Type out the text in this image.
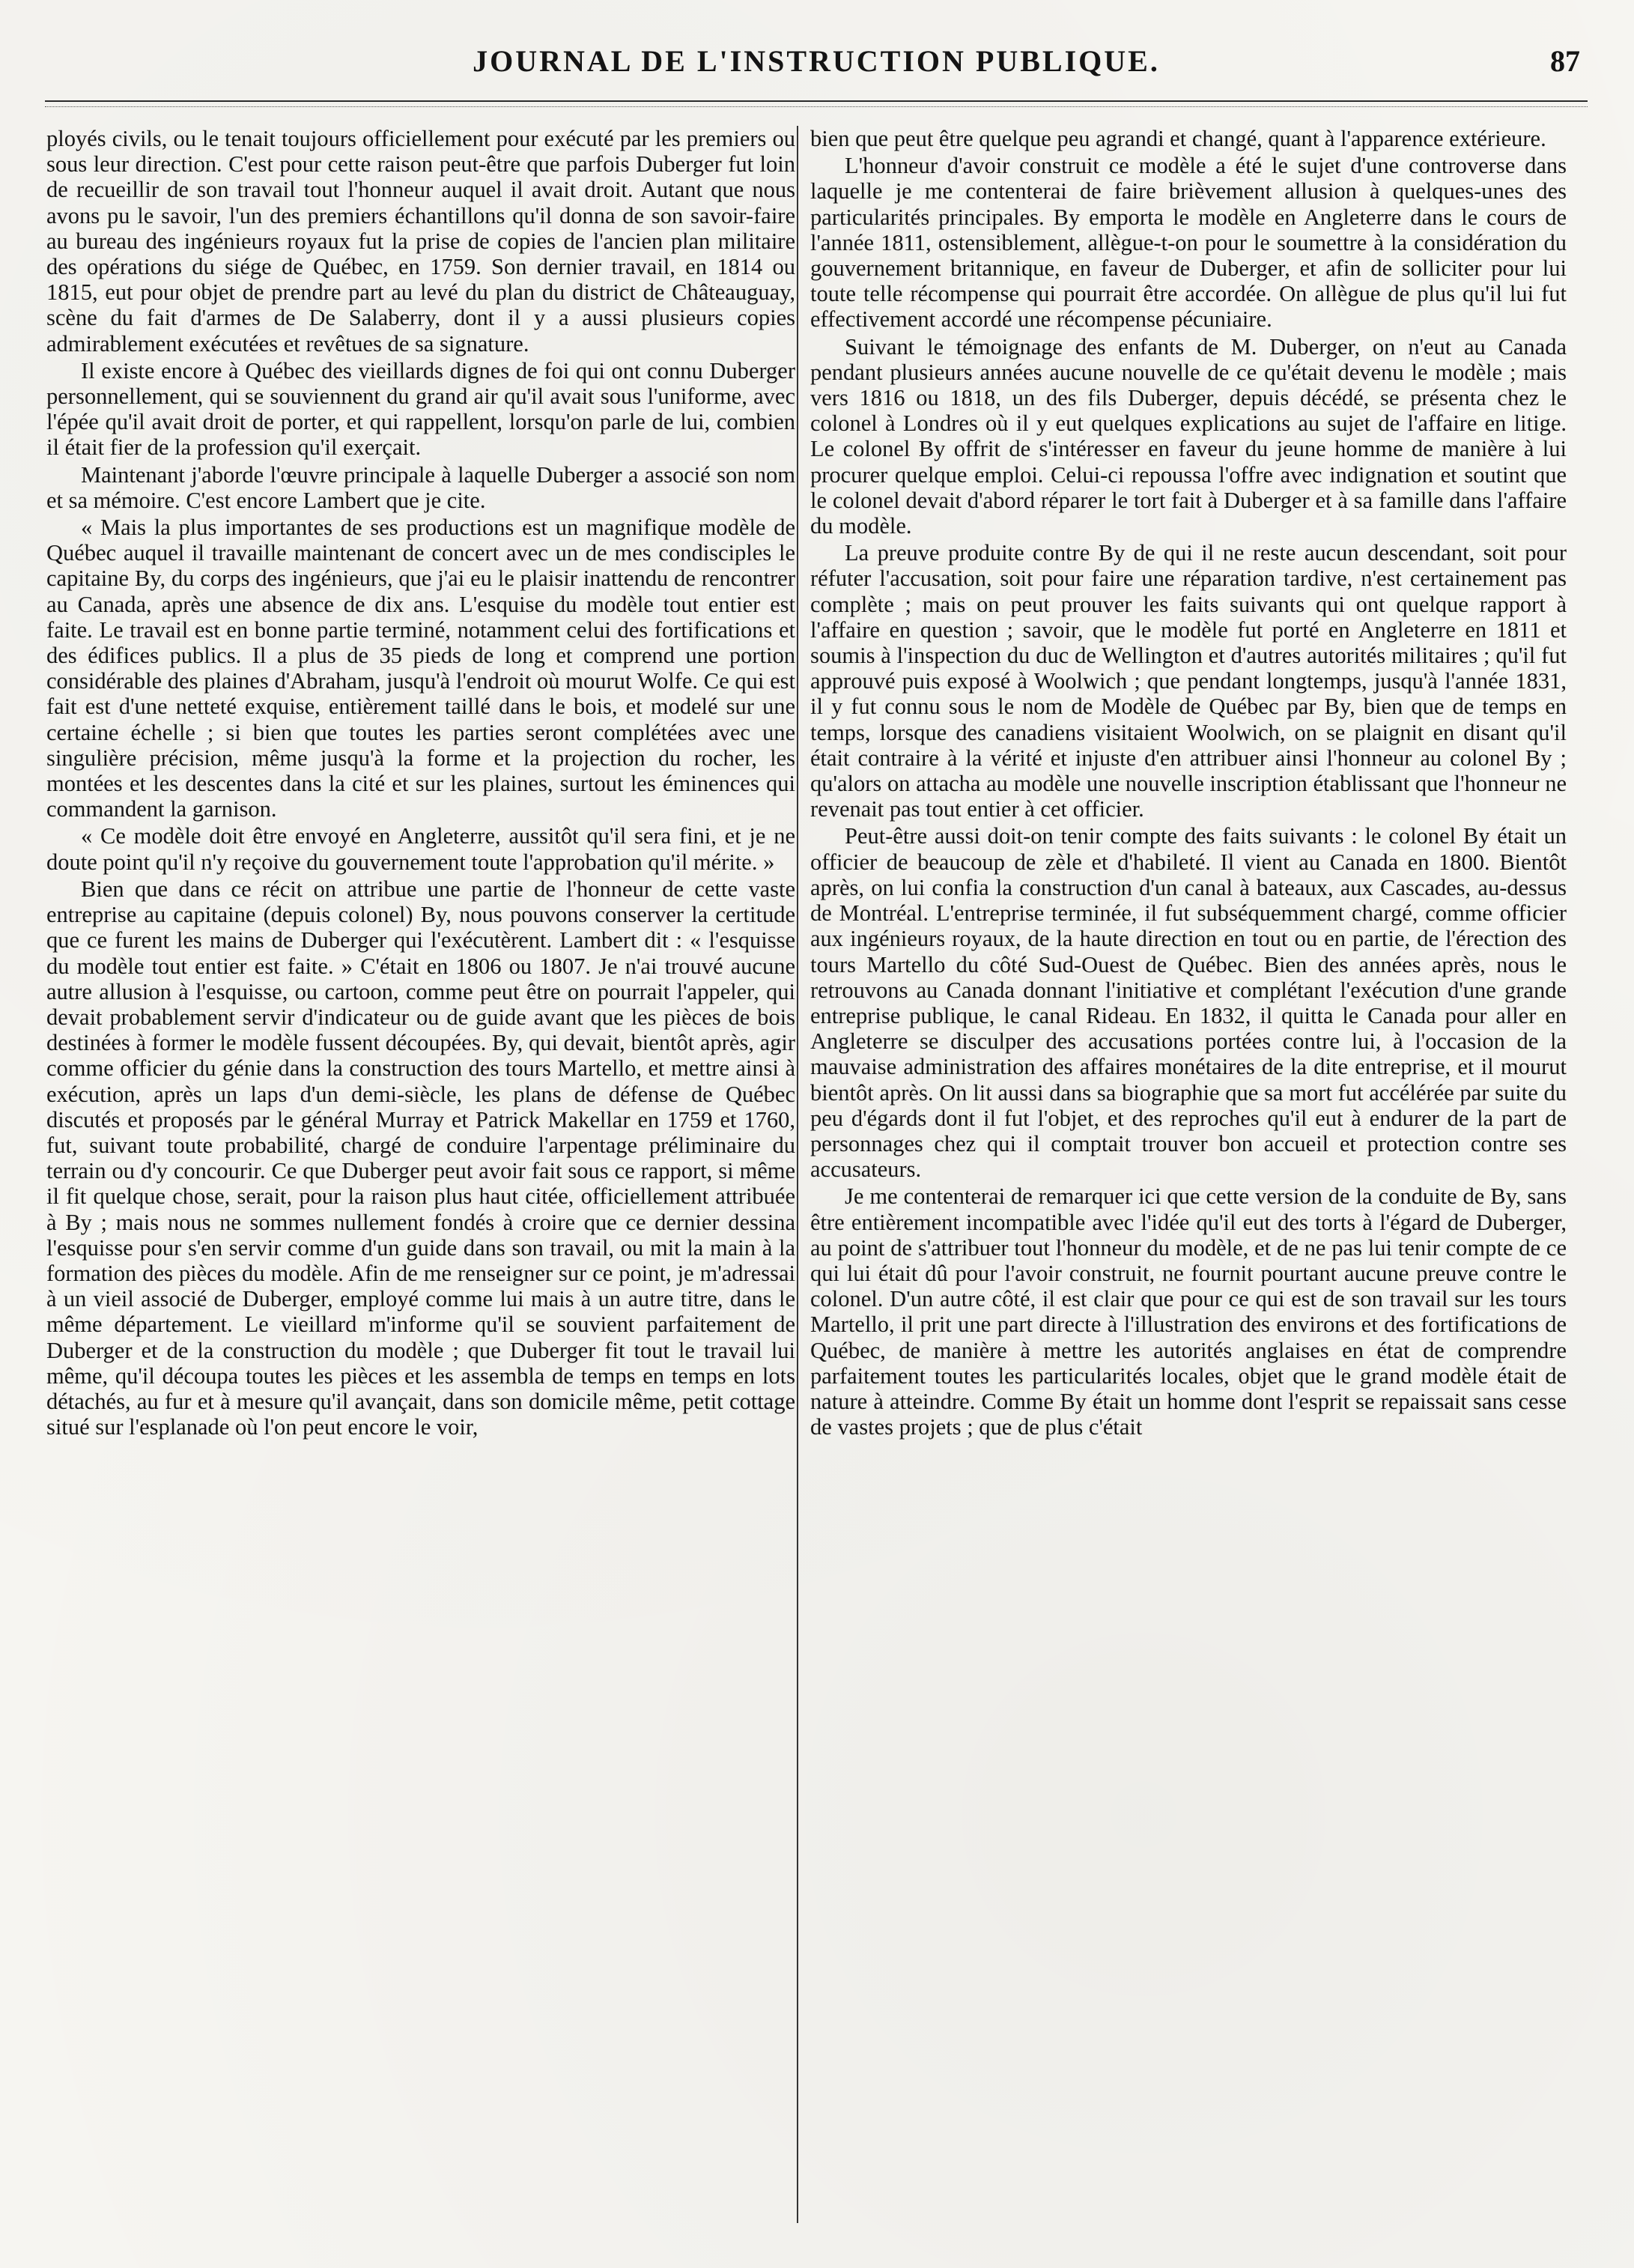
JOURNAL DE L'INSTRUCTION PUBLIQUE.	87

ployés civils, ou le tenait toujours officiellement pour exécuté par les premiers ou sous leur direction. C'est pour cette raison peut-être que parfois Duberger fut loin de recueillir de son travail tout l'honneur auquel il avait droit. Autant que nous avons pu le savoir, l'un des premiers échantillons qu'il donna de son savoir-faire au bureau des ingénieurs royaux fut la prise de copies de l'ancien plan militaire des opérations du siége de Québec, en 1759. Son dernier travail, en 1814 ou 1815, eut pour objet de prendre part au levé du plan du district de Châteauguay, scène du fait d'armes de De Salaberry, dont il y a aussi plusieurs copies admirablement exécutées et revêtues de sa signature.

Il existe encore à Québec des vieillards dignes de foi qui ont connu Duberger personnellement, qui se souviennent du grand air qu'il avait sous l'uniforme, avec l'épée qu'il avait droit de porter, et qui rappellent, lorsqu'on parle de lui, combien il était fier de la profession qu'il exerçait.

Maintenant j'aborde l'œuvre principale à laquelle Duberger a associé son nom et sa mémoire. C'est encore Lambert que je cite.

« Mais la plus importantes de ses productions est un magnifique modèle de Québec auquel il travaille maintenant de concert avec un de mes condisciples le capitaine By, du corps des ingénieurs, que j'ai eu le plaisir inattendu de rencontrer au Canada, après une absence de dix ans. L'esquise du modèle tout entier est faite. Le travail est en bonne partie terminé, notamment celui des fortifications et des édifices publics. Il a plus de 35 pieds de long et comprend une portion considérable des plaines d'Abraham, jusqu'à l'endroit où mourut Wolfe. Ce qui est fait est d'une netteté exquise, entièrement taillé dans le bois, et modelé sur une certaine échelle ; si bien que toutes les parties seront complétées avec une singulière précision, même jusqu'à la forme et la projection du rocher, les montées et les descentes dans la cité et sur les plaines, surtout les éminences qui commandent la garnison.

« Ce modèle doit être envoyé en Angleterre, aussitôt qu'il sera fini, et je ne doute point qu'il n'y reçoive du gouvernement toute l'approbation qu'il mérite. »

Bien que dans ce récit on attribue une partie de l'honneur de cette vaste entreprise au capitaine (depuis colonel) By, nous pouvons conserver la certitude que ce furent les mains de Duberger qui l'exécutèrent. Lambert dit : « l'esquisse du modèle tout entier est faite. » C'était en 1806 ou 1807. Je n'ai trouvé aucune autre allusion à l'esquisse, ou cartoon, comme peut être on pourrait l'appeler, qui devait probablement servir d'indicateur ou de guide avant que les pièces de bois destinées à former le modèle fussent découpées. By, qui devait, bientôt après, agir comme officier du génie dans la construction des tours Martello, et mettre ainsi à exécution, après un laps d'un demi-siècle, les plans de défense de Québec discutés et proposés par le général Murray et Patrick Makellar en 1759 et 1760, fut, suivant toute probabilité, chargé de conduire l'arpentage préliminaire du terrain ou d'y concourir. Ce que Duberger peut avoir fait sous ce rapport, si même il fit quelque chose, serait, pour la raison plus haut citée, officiellement attribuée à By ; mais nous ne sommes nullement fondés à croire que ce dernier dessina l'esquisse pour s'en servir comme d'un guide dans son travail, ou mit la main à la formation des pièces du modèle. Afin de me renseigner sur ce point, je m'adressai à un vieil associé de Duberger, employé comme lui mais à un autre titre, dans le même département. Le vieillard m'informe qu'il se souvient parfaitement de Duberger et de la construction du modèle ; que Duberger fit tout le travail lui même, qu'il découpa toutes les pièces et les assembla de temps en temps en lots détachés, au fur et à mesure qu'il avançait, dans son domicile même, petit cottage situé sur l'esplanade où l'on peut encore le voir,

bien que peut être quelque peu agrandi et changé, quant à l'apparence extérieure.

L'honneur d'avoir construit ce modèle a été le sujet d'une controverse dans laquelle je me contenterai de faire brièvement allusion à quelques-unes des particularités principales. By emporta le modèle en Angleterre dans le cours de l'année 1811, ostensiblement, allègue-t-on pour le soumettre à la considération du gouvernement britannique, en faveur de Duberger, et afin de solliciter pour lui toute telle récompense qui pourrait être accordée. On allègue de plus qu'il lui fut effectivement accordé une récompense pécuniaire.

Suivant le témoignage des enfants de M. Duberger, on n'eut au Canada pendant plusieurs années aucune nouvelle de ce qu'était devenu le modèle ; mais vers 1816 ou 1818, un des fils Duberger, depuis décédé, se présenta chez le colonel à Londres où il y eut quelques explications au sujet de l'affaire en litige. Le colonel By offrit de s'intéresser en faveur du jeune homme de manière à lui procurer quelque emploi. Celui-ci repoussa l'offre avec indignation et soutint que le colonel devait d'abord réparer le tort fait à Duberger et à sa famille dans l'affaire du modèle.

La preuve produite contre By de qui il ne reste aucun descendant, soit pour réfuter l'accusation, soit pour faire une réparation tardive, n'est certainement pas complète ; mais on peut prouver les faits suivants qui ont quelque rapport à l'affaire en question ; savoir, que le modèle fut porté en Angleterre en 1811 et soumis à l'inspection du duc de Wellington et d'autres autorités militaires ; qu'il fut approuvé puis exposé à Woolwich ; que pendant longtemps, jusqu'à l'année 1831, il y fut connu sous le nom de Modèle de Québec par By, bien que de temps en temps, lorsque des canadiens visitaient Woolwich, on se plaignit en disant qu'il était contraire à la vérité et injuste d'en attribuer ainsi l'honneur au colonel By ; qu'alors on attacha au modèle une nouvelle inscription établissant que l'honneur ne revenait pas tout entier à cet officier.

Peut-être aussi doit-on tenir compte des faits suivants : le colonel By était un officier de beaucoup de zèle et d'habileté. Il vient au Canada en 1800. Bientôt après, on lui confia la construction d'un canal à bateaux, aux Cascades, au-dessus de Montréal. L'entreprise terminée, il fut subséquemment chargé, comme officier aux ingénieurs royaux, de la haute direction en tout ou en partie, de l'érection des tours Martello du côté Sud-Ouest de Québec. Bien des années après, nous le retrouvons au Canada donnant l'initiative et complétant l'exécution d'une grande entreprise publique, le canal Rideau. En 1832, il quitta le Canada pour aller en Angleterre se disculper des accusations portées contre lui, à l'occasion de la mauvaise administration des affaires monétaires de la dite entreprise, et il mourut bientôt après. On lit aussi dans sa biographie que sa mort fut accélérée par suite du peu d'égards dont il fut l'objet, et des reproches qu'il eut à endurer de la part de personnages chez qui il comptait trouver bon accueil et protection contre ses accusateurs.

Je me contenterai de remarquer ici que cette version de la conduite de By, sans être entièrement incompatible avec l'idée qu'il eut des torts à l'égard de Duberger, au point de s'attribuer tout l'honneur du modèle, et de ne pas lui tenir compte de ce qui lui était dû pour l'avoir construit, ne fournit pourtant aucune preuve contre le colonel. D'un autre côté, il est clair que pour ce qui est de son travail sur les tours Martello, il prit une part directe à l'illustration des environs et des fortifications de Québec, de manière à mettre les autorités anglaises en état de comprendre parfaitement toutes les particularités locales, objet que le grand modèle était de nature à atteindre. Comme By était un homme dont l'esprit se repaissait sans cesse de vastes projets ; que de plus c'était
